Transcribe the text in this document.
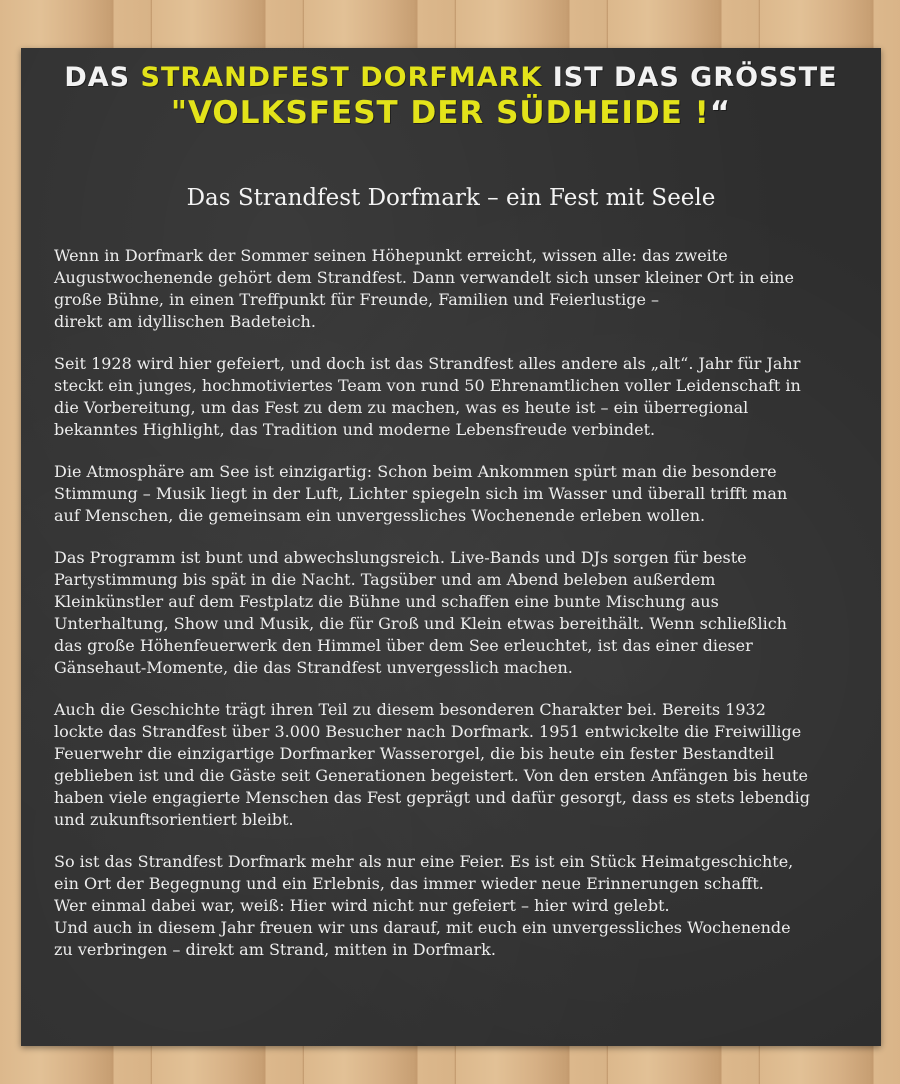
DAS STRANDFEST DORFMARK IST DAS GRÖSSTE
"VOLKSFEST DER SÜDHEIDE !“
Das Strandfest Dorfmark – ein Fest mit Seele

Wenn in Dorfmark der Sommer seinen Höhepunkt erreicht, wissen alle: das zweite
Augustwochenende gehört dem Strandfest. Dann verwandelt sich unser kleiner Ort in eine
große Bühne, in einen Treffpunkt für Freunde, Familien und Feierlustige –
direkt am idyllischen Badeteich.

Seit 1928 wird hier gefeiert, und doch ist das Strandfest alles andere als „alt“. Jahr für Jahr
steckt ein junges, hochmotiviertes Team von rund 50 Ehrenamtlichen voller Leidenschaft in
die Vorbereitung, um das Fest zu dem zu machen, was es heute ist – ein überregional
bekanntes Highlight, das Tradition und moderne Lebensfreude verbindet.

Die Atmosphäre am See ist einzigartig: Schon beim Ankommen spürt man die besondere
Stimmung – Musik liegt in der Luft, Lichter spiegeln sich im Wasser und überall trifft man
auf Menschen, die gemeinsam ein unvergessliches Wochenende erleben wollen.

Das Programm ist bunt und abwechslungsreich. Live-Bands und DJs sorgen für beste
Partystimmung bis spät in die Nacht. Tagsüber und am Abend beleben außerdem
Kleinkünstler auf dem Festplatz die Bühne und schaffen eine bunte Mischung aus
Unterhaltung, Show und Musik, die für Groß und Klein etwas bereithält. Wenn schließlich
das große Höhenfeuerwerk den Himmel über dem See erleuchtet, ist das einer dieser
Gänsehaut-Momente, die das Strandfest unvergesslich machen.

Auch die Geschichte trägt ihren Teil zu diesem besonderen Charakter bei. Bereits 1932
lockte das Strandfest über 3.000 Besucher nach Dorfmark. 1951 entwickelte die Freiwillige
Feuerwehr die einzigartige Dorfmarker Wasserorgel, die bis heute ein fester Bestandteil
geblieben ist und die Gäste seit Generationen begeistert. Von den ersten Anfängen bis heute
haben viele engagierte Menschen das Fest geprägt und dafür gesorgt, dass es stets lebendig
und zukunftsorientiert bleibt.

So ist das Strandfest Dorfmark mehr als nur eine Feier. Es ist ein Stück Heimatgeschichte,
ein Ort der Begegnung und ein Erlebnis, das immer wieder neue Erinnerungen schafft.
Wer einmal dabei war, weiß: Hier wird nicht nur gefeiert – hier wird gelebt.
Und auch in diesem Jahr freuen wir uns darauf, mit euch ein unvergessliches Wochenende
zu verbringen – direkt am Strand, mitten in Dorfmark.
